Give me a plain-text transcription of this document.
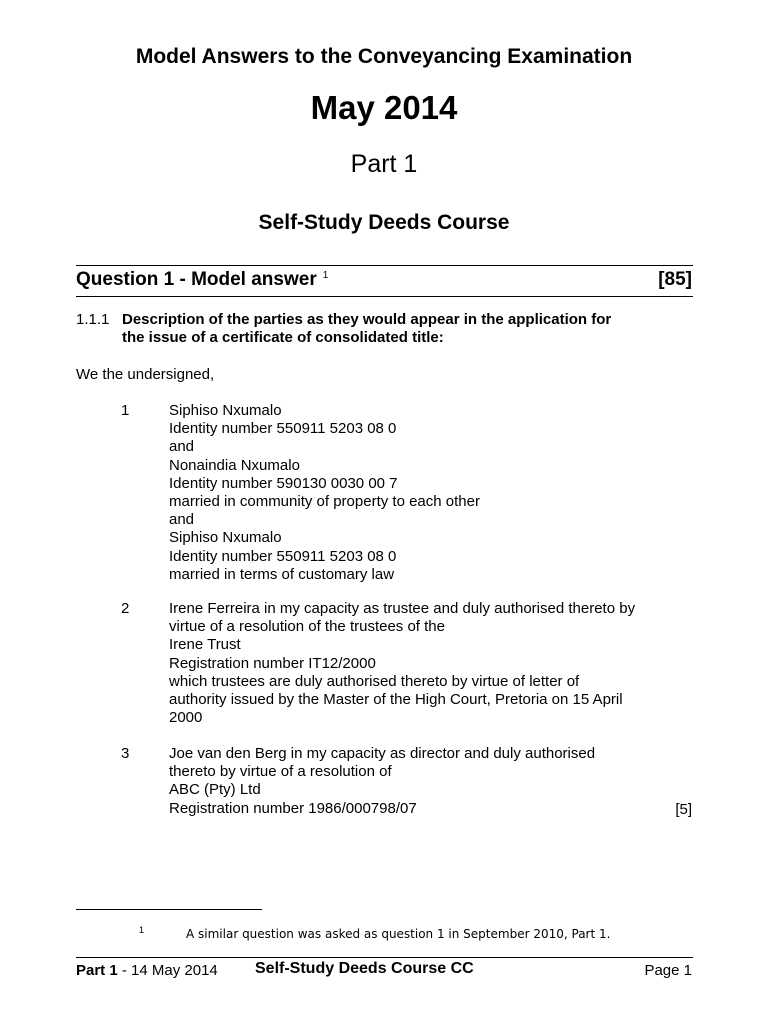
Model Answers to the Conveyancing Examination
May 2014
Part 1
Self-Study Deeds Course
Question 1 - Model answer $^1$	[85]
1.1.1 Description of the parties as they would appear in the application for
the issue of a certificate of consolidated title:
We the undersigned,
1	Siphiso Nxumalo
Identity number 550911 5203 08 0
and
Nonaindia Nxumalo
Identity number 590130 0030 00 7
married in community of property to each other
and
Siphiso Nxumalo
Identity number 550911 5203 08 0
married in terms of customary law
2	Irene Ferreira in my capacity as trustee and duly authorised thereto by
virtue of a resolution of the trustees of the
Irene Trust
Registration number IT12/2000
which trustees are duly authorised thereto by virtue of letter of
authority issued by the Master of the High Court, Pretoria on 15 April
2000
3	Joe van den Berg in my capacity as director and duly authorised
thereto by virtue of a resolution of
ABC (Pty) Ltd
Registration number 1986/000798/07	[5]
1	A similar question was asked as question 1 in September 2010, Part 1.
Part 1 - 14 May 2014 Self-Study Deeds Course CC	Page 1
